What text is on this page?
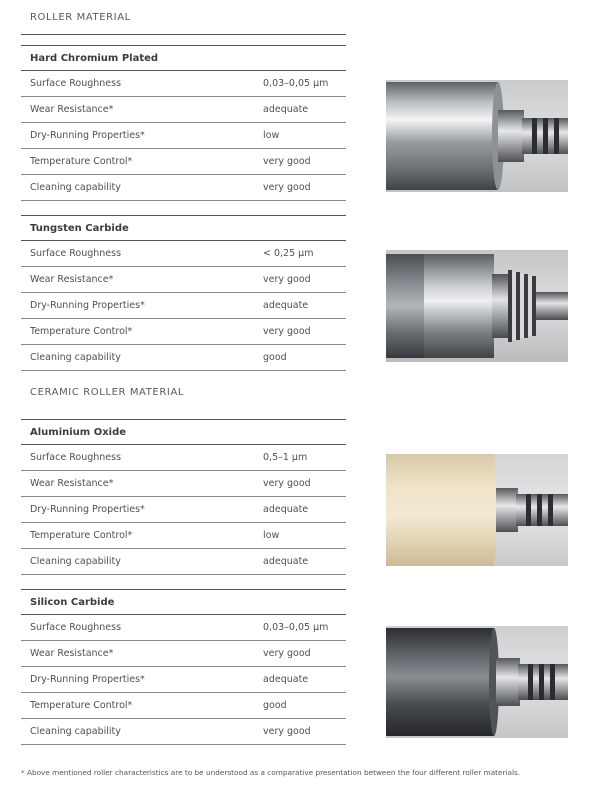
ROLLER MATERIAL
Hard Chromium Plated
Surface Roughness	0,03–0,05 µm
Wear Resistance*	adequate
Dry-Running Properties*	low
Temperature Control*	very good
Cleaning capability	very good
Tungsten Carbide
Surface Roughness	< 0,25 µm
Wear Resistance*	very good
Dry-Running Properties*	adequate
Temperature Control*	very good
Cleaning capability	good
CERAMIC ROLLER MATERIAL
Aluminium Oxide
Surface Roughness	0,5–1 µm
Wear Resistance*	very good
Dry-Running Properties*	adequate
Temperature Control*	low
Cleaning capability	adequate
Silicon Carbide
Surface Roughness	0,03–0,05 µm
Wear Resistance*	very good
Dry-Running Properties*	adequate
Temperature Control*	good
Cleaning capability	very good
* Above mentioned roller characteristics are to be understood as a comparative presentation between the four different roller materials.
